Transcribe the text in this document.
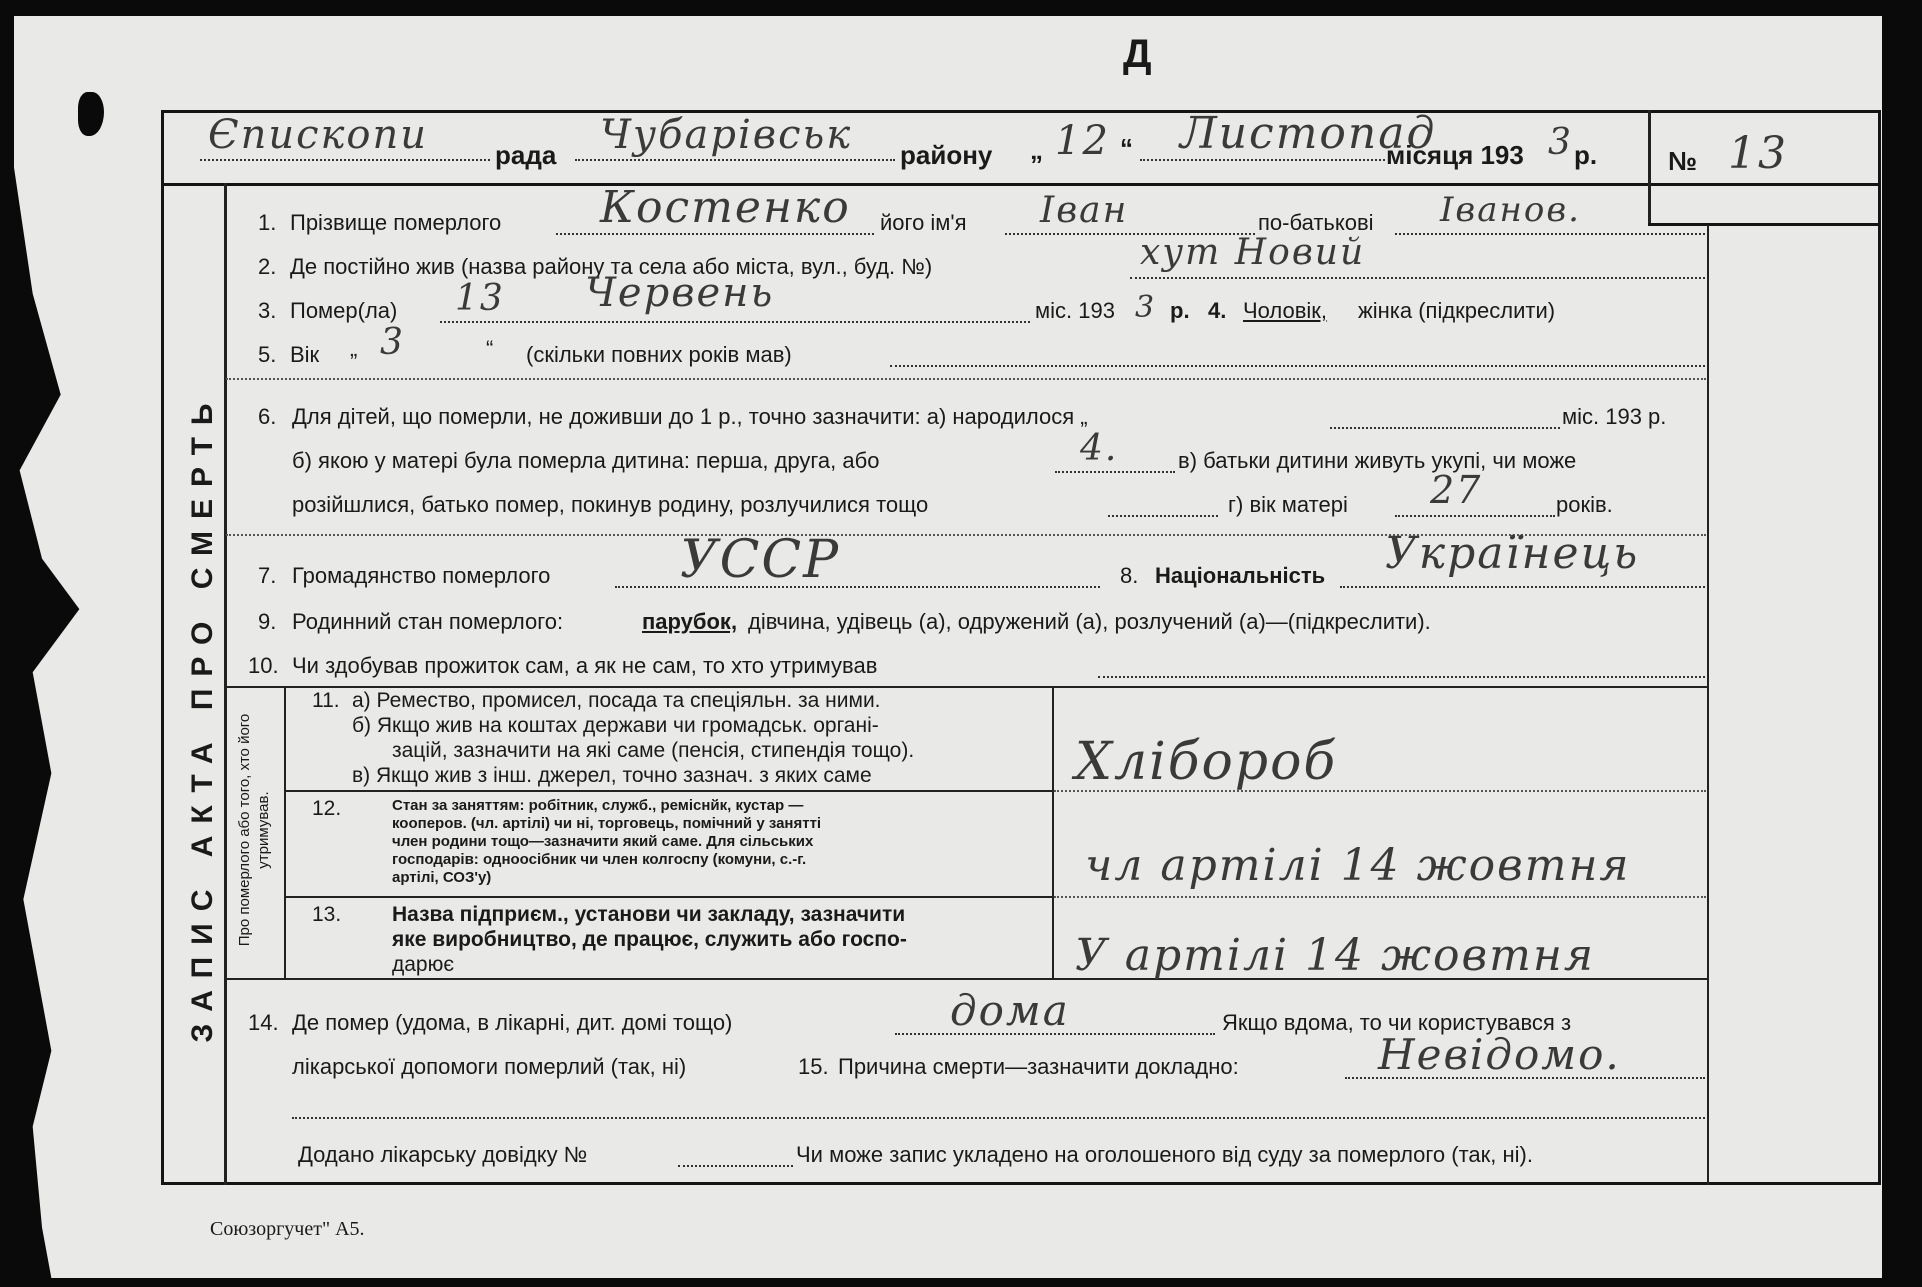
Д
Єпископи	рада Чубарівськ району „ 12 “ Листопад
місяця 193 3 р.	№ 13
ЗАПИС АКТА ПРО СМЕРТЬ
1. Прізвище померлого Костенко його ім'я Іван	по-батькові Іванов.
2. Де постійно жив (назва району та села або міста, вул., буд. №)	хут Новий
3. Помер(ла) 13 Червень	міс. 193 3 р. 4. Чоловік, жінка (підкреслити)
5. Вік „ 3	“ (скільки повних років мав)
6. Для дітей, що померли, не доживши до 1 р., точно зазначити: а) народилося „	міс. 193 р.
б) якою у матері була померла дитина: перша, друга, або	4.	в) батьки дитини живуть укупі, чи може
розійшлися, батько помер, покинув родину, розлучилися тощо	г) вік матері 27	років.
7. Громадянство померлого УССР	8. Національність Українець
9. Родинний стан померлого:	парубок, дівчина, удівець (а), одружений (а), розлучений (а)—(підкреслити).
10. Чи здобував прожиток сам, а як не сам, то хто утримував
Про померлого або того, хто його утримував.
11. а) Ремество, промисел, посада та спеціяльн. за ними.
б) Якщо жив на коштах держави чи громадськ. органі-
зацій, зазначити на які саме (пенсія, стипендія тощо).
в) Якщо жив з інш. джерел, точно зазнач. з яких саме	Хлібороб
12.	Стан за заняттям: робітник, служб., реміснйк, кустар —
кооперов. (чл. артілі) чи ні, торговець, помічний у занятті
член родини тощо—зазначити який саме. Для сільських
господарів: одноосібник чи член колгоспу (комуни, с.-г.
артілі, СОЗ'у)	чл артілі 14 жовтня
13. Назва підприєм., установи чи закладу, зазначити
яке виробництво, де працює, служить або госпо-
дарює	У артілі 14 жовтня
14. Де помер (удома, в лікарні, дит. домі тощо)	дома	Якщо вдома, то чи користувався з
лікарської допомоги померлий (так, ні)	15. Причина смерти—зазначити докладно:	Невідомо.
Додано лікарську довідку №	Чи може запис укладено на оголошеного від суду за померлого (так, ні).
Союзоргучет" А5.
